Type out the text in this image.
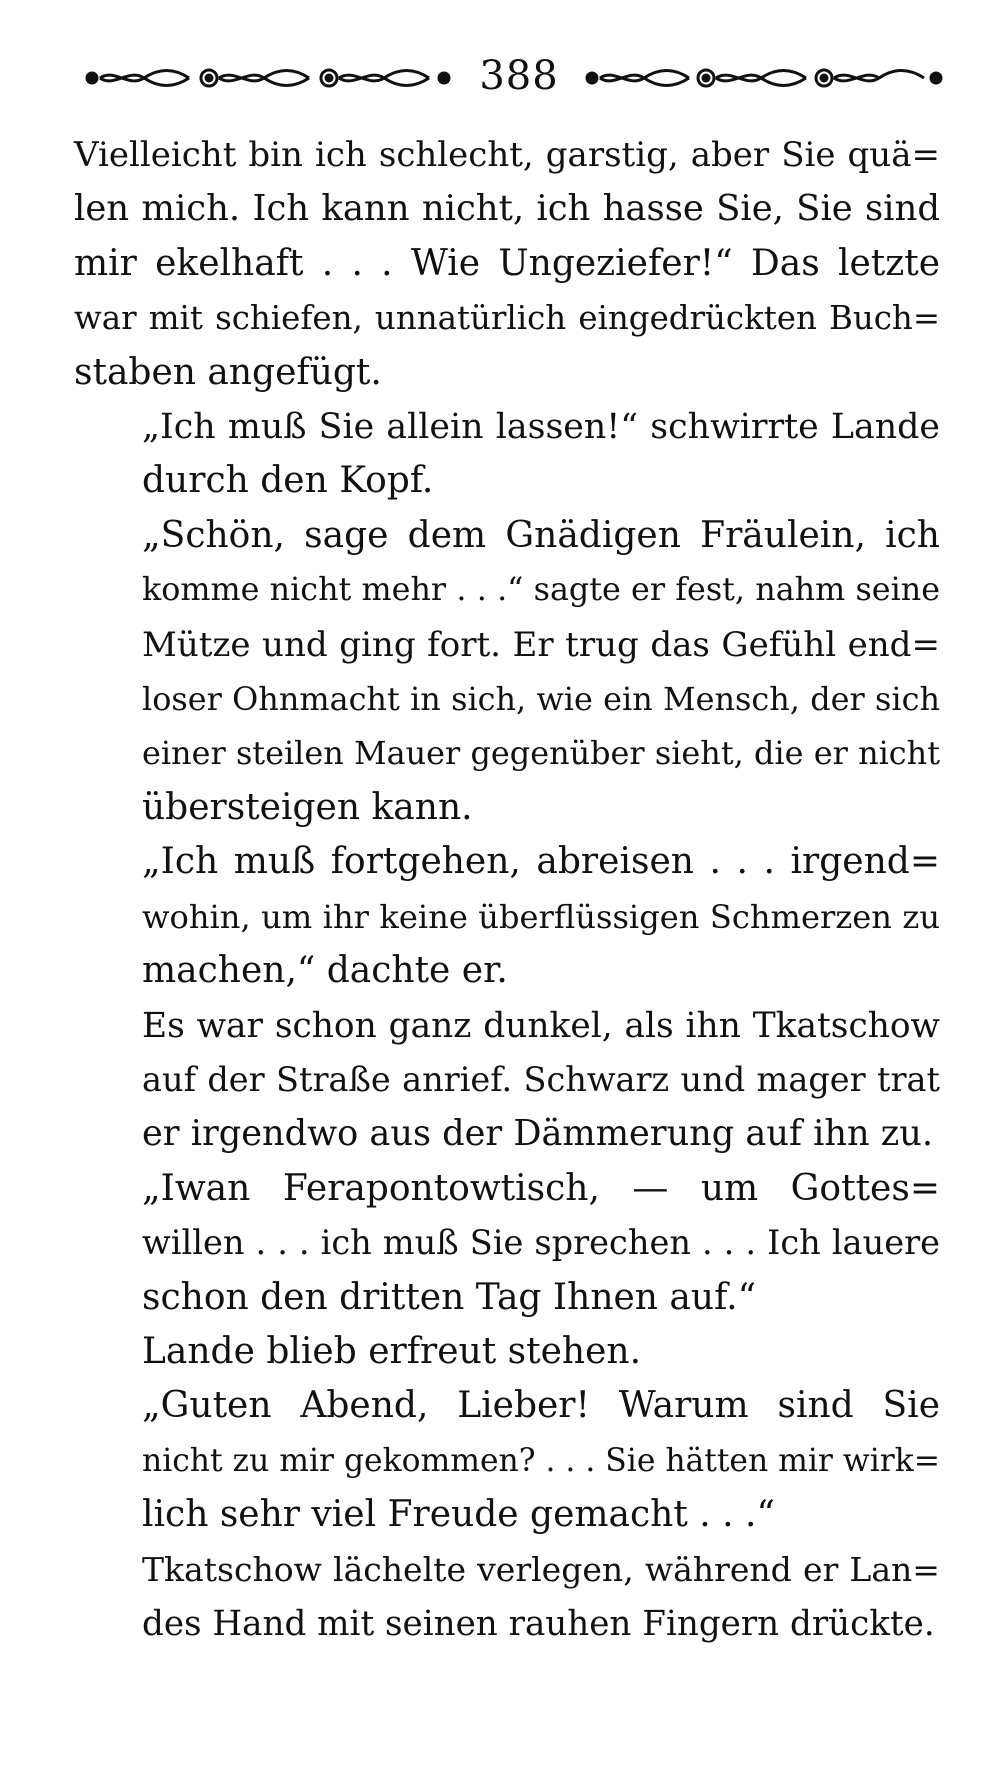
388
Vielleicht bin ich schlecht, garstig, aber Sie quä=
len mich. Ich kann nicht, ich hasse Sie, Sie sind
mir ekelhaft . . . Wie Ungeziefer!“ Das letzte
war mit schiefen, unnatürlich eingedrückten Buch=
staben angefügt.
„Ich muß Sie allein lassen!“ schwirrte Lande
durch den Kopf.
„Schön, sage dem Gnädigen Fräulein, ich
komme nicht mehr . . .“ sagte er fest, nahm seine
Mütze und ging fort. Er trug das Gefühl end=
loser Ohnmacht in sich, wie ein Mensch, der sich
einer steilen Mauer gegenüber sieht, die er nicht
übersteigen kann.
„Ich muß fortgehen, abreisen . . . irgend=
wohin, um ihr keine überflüssigen Schmerzen zu
machen,“ dachte er.
Es war schon ganz dunkel, als ihn Tkatschow
auf der Straße anrief. Schwarz und mager trat
er irgendwo aus der Dämmerung auf ihn zu.
„Iwan Ferapontowtisch, — um Gottes=
willen . . . ich muß Sie sprechen . . . Ich lauere
schon den dritten Tag Ihnen auf.“
Lande blieb erfreut stehen.
„Guten Abend, Lieber! Warum sind Sie
nicht zu mir gekommen? . . . Sie hätten mir wirk=
lich sehr viel Freude gemacht . . .“
Tkatschow lächelte verlegen, während er Lan=
des Hand mit seinen rauhen Fingern drückte.
